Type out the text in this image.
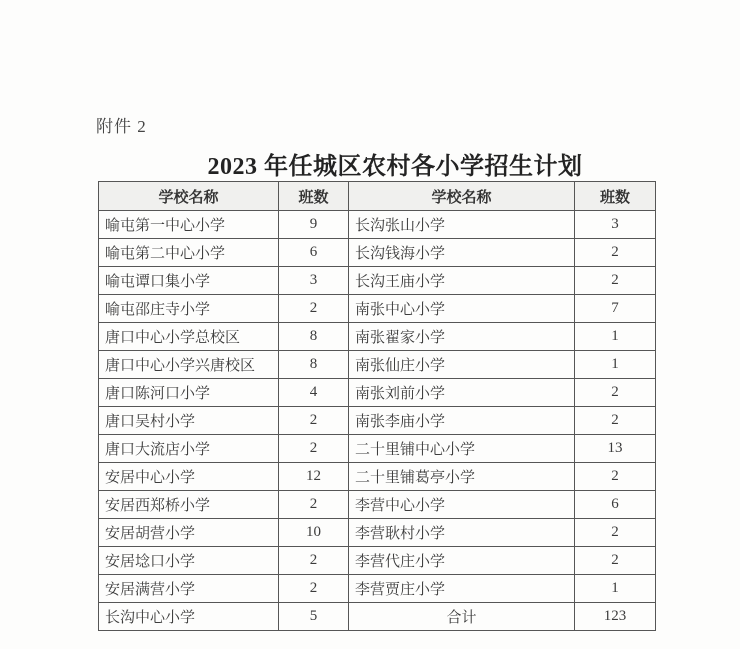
附件 2
2023 年任城区农村各小学招生计划
学校名称	班数	学校名称	班数
喻屯第一中心小学	9	长沟张山小学	3
喻屯第二中心小学	6	长沟钱海小学	2
喻屯谭口集小学	3	长沟王庙小学	2
喻屯邵庄寺小学	2	南张中心小学	7
唐口中心小学总校区	8	南张翟家小学	1
唐口中心小学兴唐校区	8	南张仙庄小学	1
唐口陈河口小学	4	南张刘前小学	2
唐口吴村小学	2	南张李庙小学	2
唐口大流店小学	2	二十里铺中心小学	13
安居中心小学	12	二十里铺葛亭小学	2
安居西郑桥小学	2	李营中心小学	6
安居胡营小学	10	李营耿村小学	2
安居埝口小学	2	李营代庄小学	2
安居满营小学	2	李营贾庄小学	1
长沟中心小学	5	合计	123
